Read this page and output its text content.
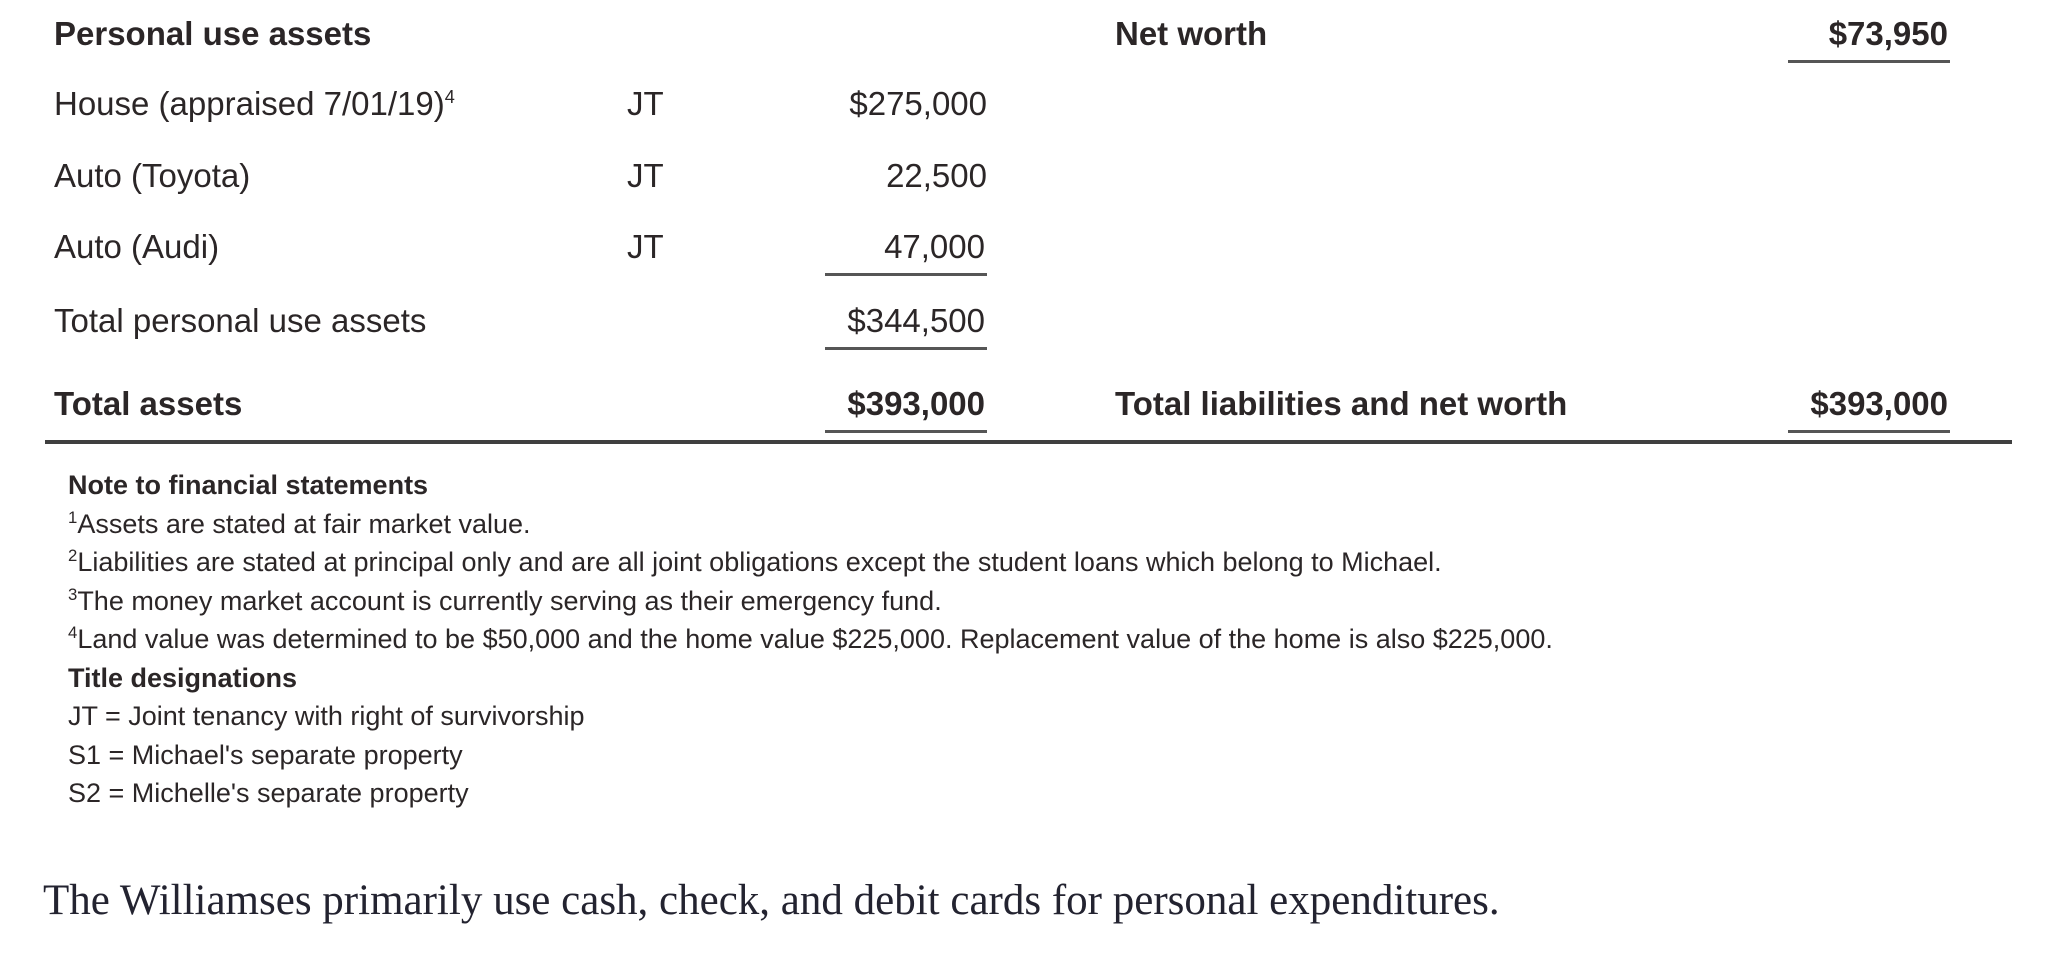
Personal use assets	Net worth	$73,950
House (appraised 7/01/19)$^4$	JT	$275,000
Auto (Toyota)	JT	22,500
Auto (Audi)	JT	47,000
Total personal use assets	$344,500
Total assets	$393,000	Total liabilities and net worth	$393,000
Note to financial statements
$^1$Assets are stated at fair market value.
$^2$Liabilities are stated at principal only and are all joint obligations except the student loans which belong to Michael.
$^3$The money market account is currently serving as their emergency fund.
$^4$Land value was determined to be $50,000 and the home value $225,000. Replacement value of the home is also $225,000.
Title designations
JT = Joint tenancy with right of survivorship
S1 = Michael's separate property
S2 = Michelle's separate property
The Williamses primarily use cash, check, and debit cards for personal expenditures.
